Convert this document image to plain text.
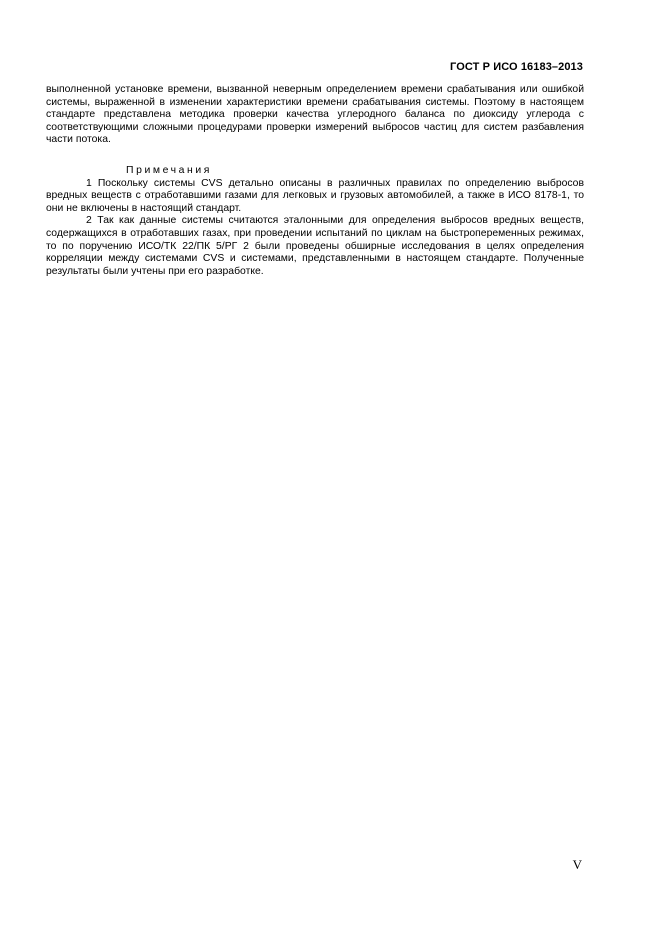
ГОСТ Р ИСО 16183–2013

выполненной установке времени, вызванной неверным определением времени срабатывания или ошибкой системы, выраженной в изменении характеристики времени срабатывания системы. Поэтому в настоящем стандарте представлена методика проверки качества углеродного баланса по диоксиду углерода с соответствующими сложными процедурами проверки измерений выбросов частиц для систем разбавления части потока.

Примечания

1 Поскольку системы CVS детально описаны в различных правилах по определению выбросов вредных веществ с отработавшими газами для легковых и грузовых автомобилей, а также в ИСО 8178-1, то они не включены в настоящий стандарт.

2 Так как данные системы считаются эталонными для определения выбросов вредных веществ, содержащихся в отработавших газах, при проведении испытаний по циклам на быстропеременных режимах, то по поручению ИСО/ТК 22/ПК 5/РГ 2 были проведены обширные исследования в целях определения корреляции между системами CVS и системами, представленными в настоящем стандарте. Полученные результаты были учтены при его разработке.

V
